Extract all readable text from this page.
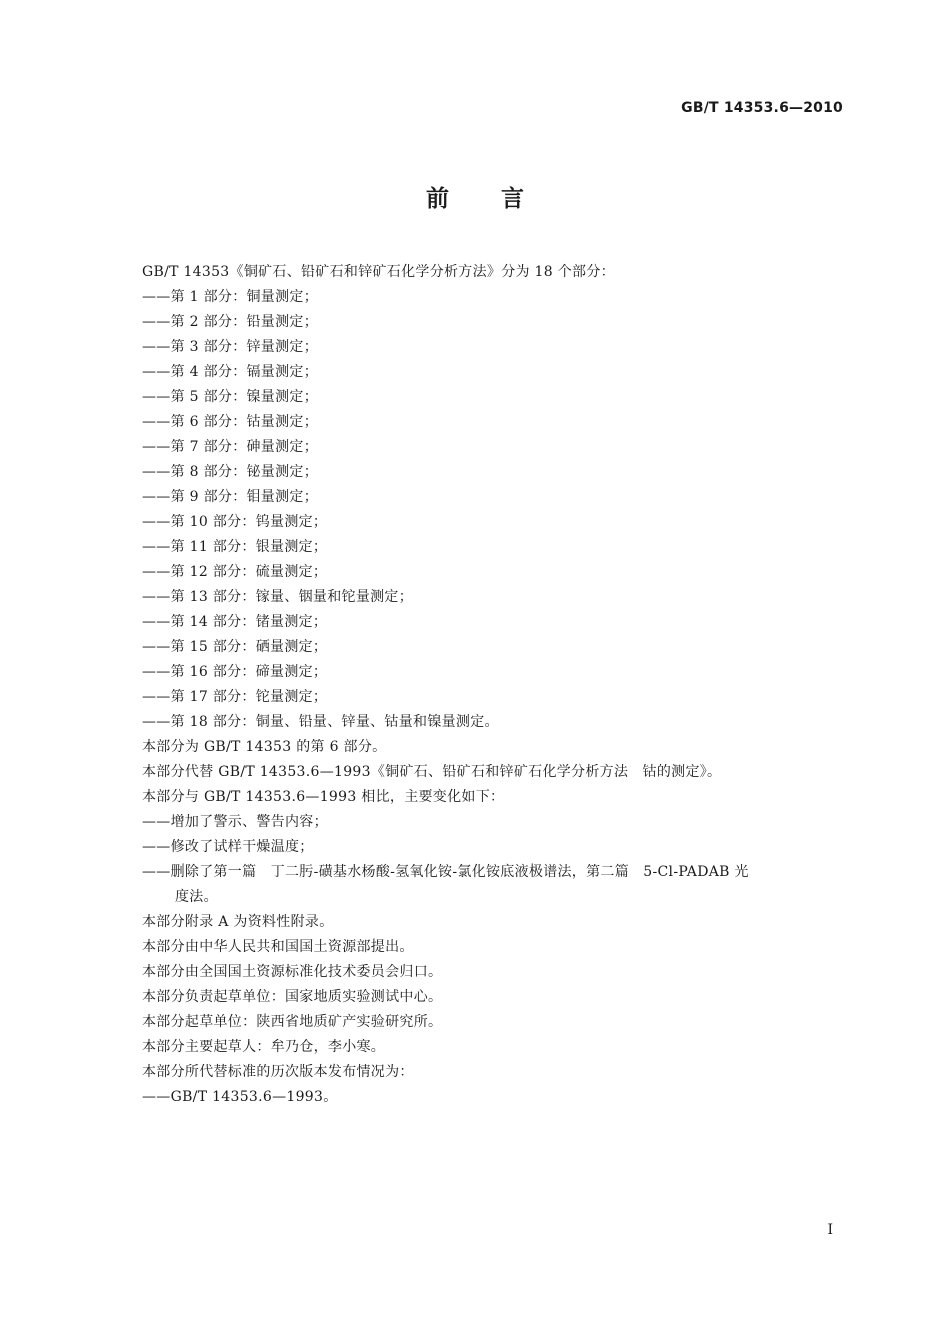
GB/T 14353.6—2010
前 言
GB/T 14353《铜矿石、铅矿石和锌矿石化学分析方法》分为 18 个部分：
——第 1 部分：铜量测定；
——第 2 部分：铅量测定；
——第 3 部分：锌量测定；
——第 4 部分：镉量测定；
——第 5 部分：镍量测定；
——第 6 部分：钴量测定；
——第 7 部分：砷量测定；
——第 8 部分：铋量测定；
——第 9 部分：钼量测定；
——第 10 部分：钨量测定；
——第 11 部分：银量测定；
——第 12 部分：硫量测定；
——第 13 部分：镓量、铟量和铊量测定；
——第 14 部分：锗量测定；
——第 15 部分：硒量测定；
——第 16 部分：碲量测定；
——第 17 部分：铊量测定；
——第 18 部分：铜量、铅量、锌量、钴量和镍量测定。
本部分为 GB/T 14353 的第 6 部分。
本部分代替 GB/T 14353.6—1993《铜矿石、铅矿石和锌矿石化学分析方法　钴的测定》。
本部分与 GB/T 14353.6—1993 相比，主要变化如下：
——增加了警示、警告内容；
——修改了试样干燥温度；
——删除了第一篇　丁二肟-磺基水杨酸-氢氧化铵-氯化铵底液极谱法，第二篇　5-Cl-PADAB 光
度法。
本部分附录 A 为资料性附录。
本部分由中华人民共和国国土资源部提出。
本部分由全国国土资源标准化技术委员会归口。
本部分负责起草单位：国家地质实验测试中心。
本部分起草单位：陕西省地质矿产实验研究所。
本部分主要起草人：牟乃仓，李小寒。
本部分所代替标准的历次版本发布情况为：
——GB/T 14353.6—1993。
I
